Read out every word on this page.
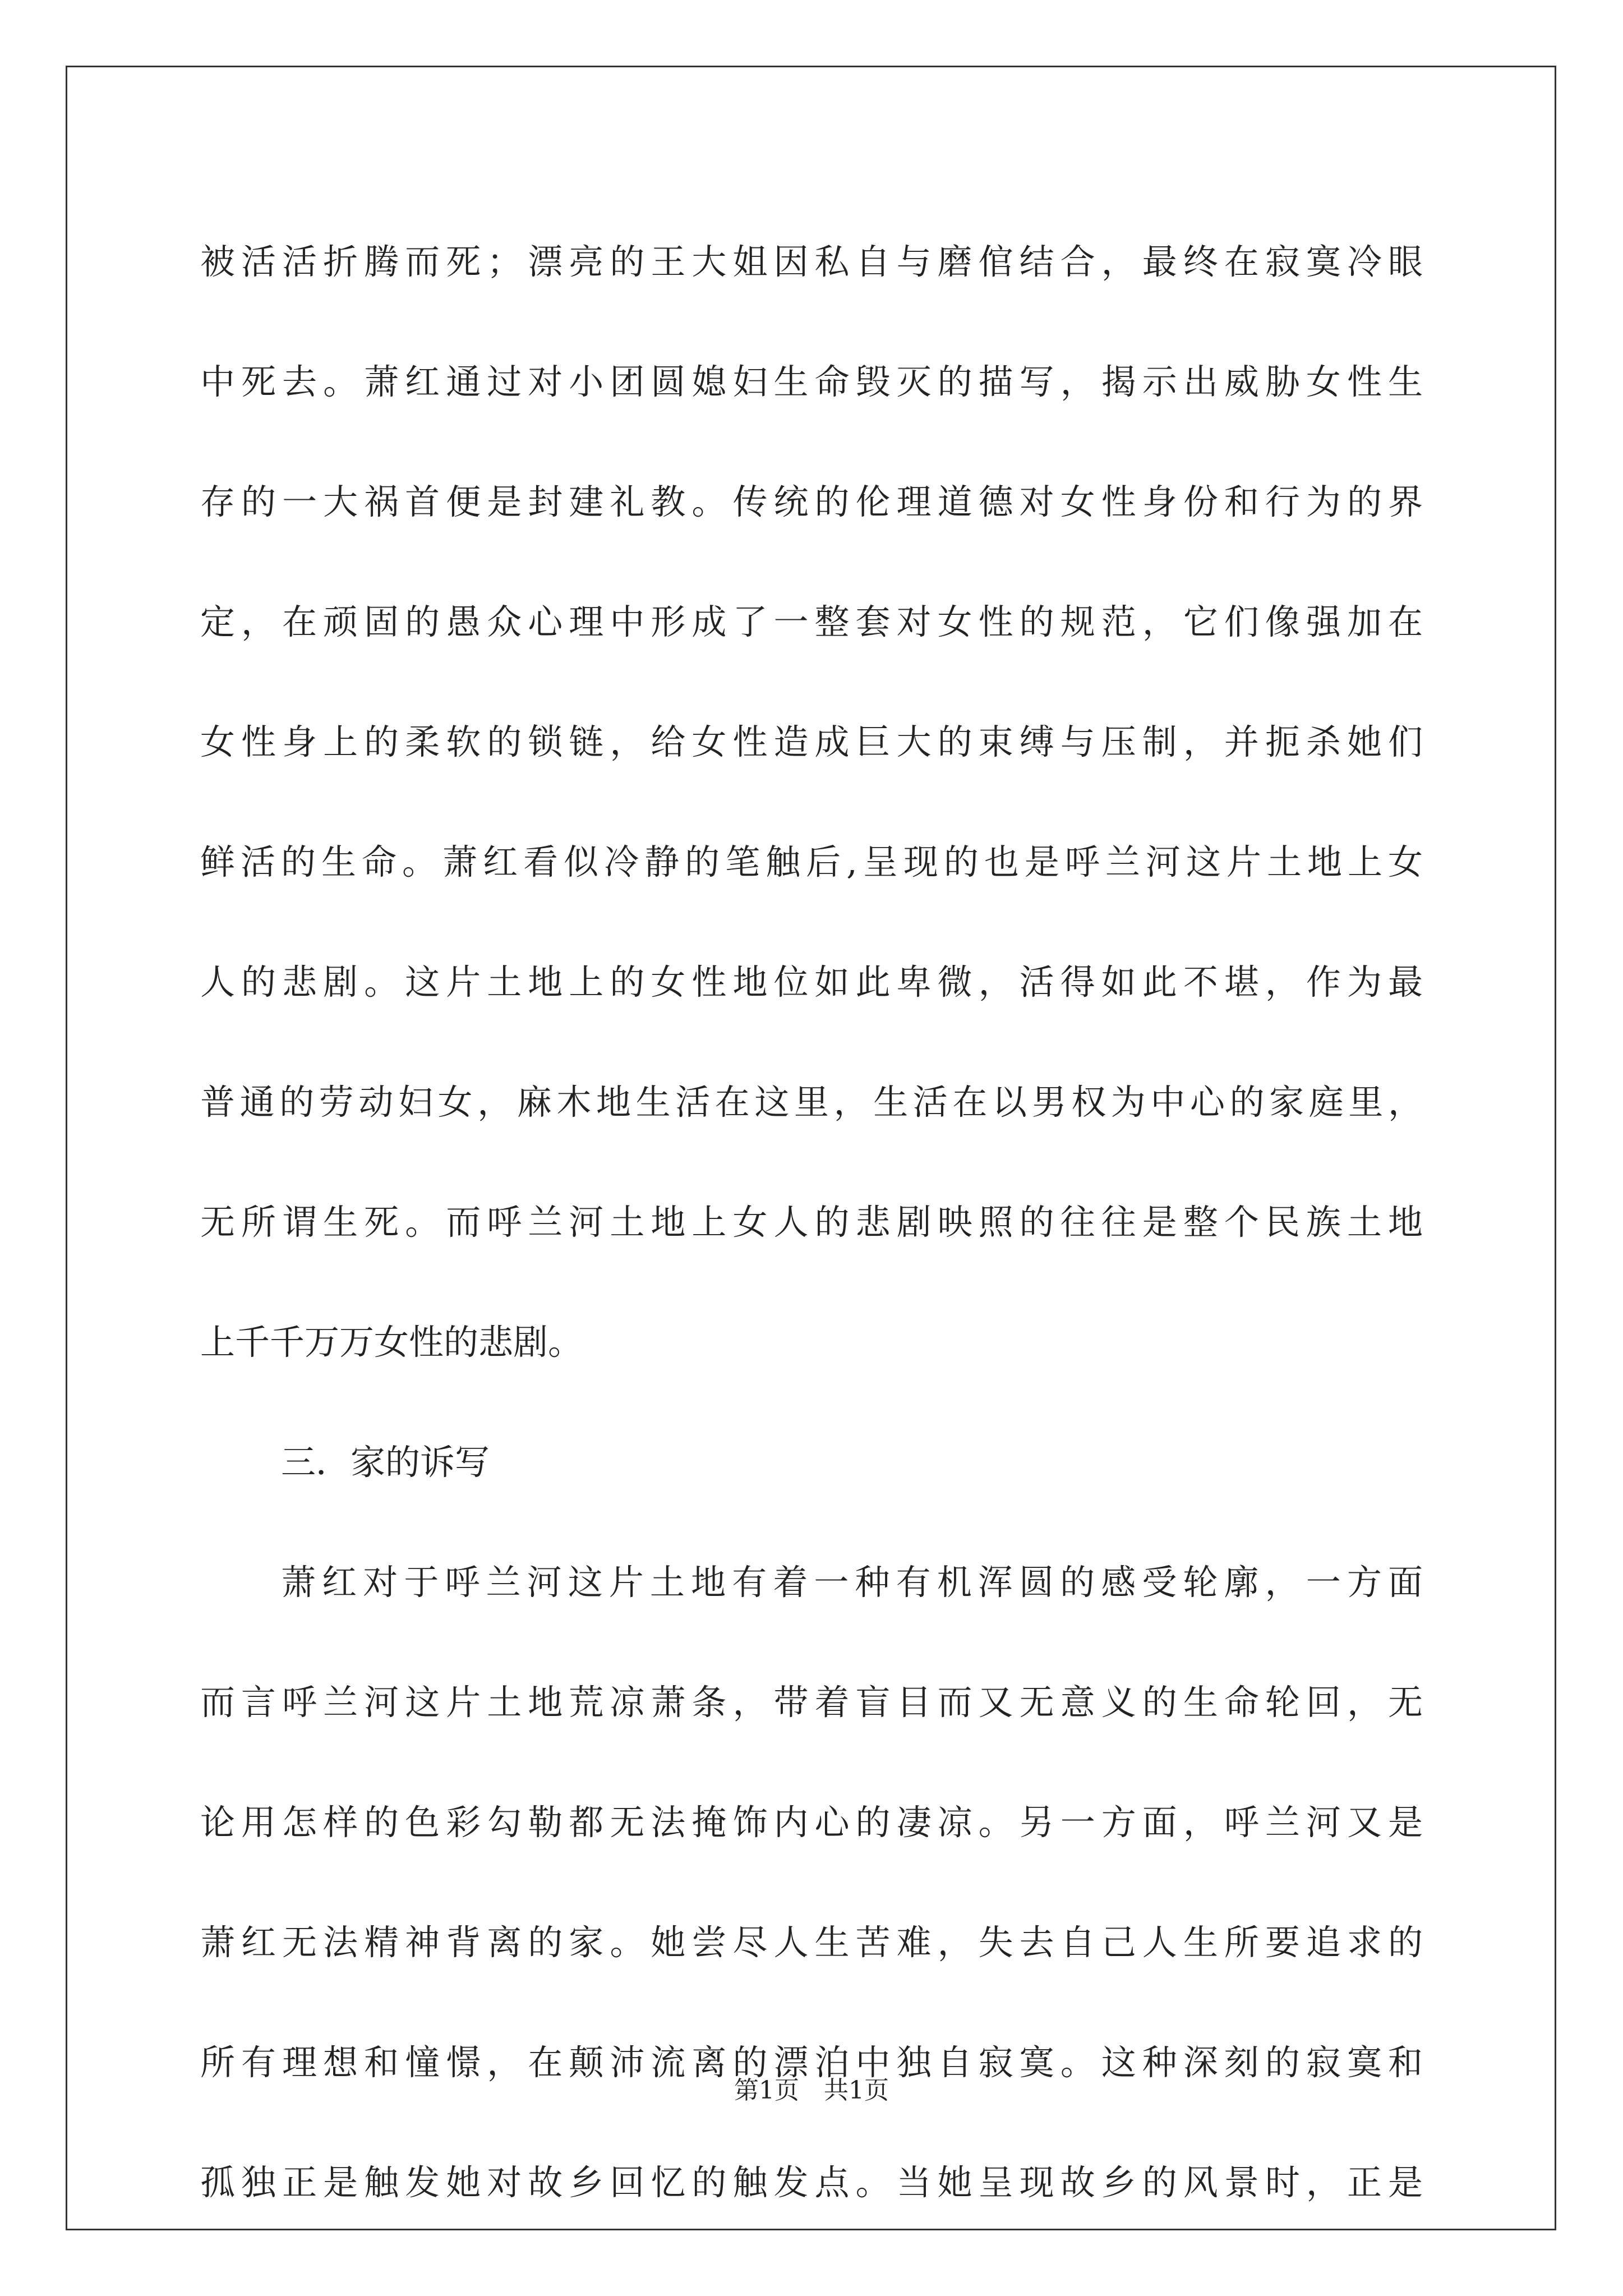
被活活折腾而死；漂亮的王大姐因私自与磨倌结合，最终在寂寞冷眼
中死去。萧红通过对小团圆媳妇生命毁灭的描写，揭示出威胁女性生
存的一大祸首便是封建礼教。传统的伦理道德对女性身份和行为的界
定，在顽固的愚众心理中形成了一整套对女性的规范，它们像强加在
女性身上的柔软的锁链，给女性造成巨大的束缚与压制，并扼杀她们
鲜活的生命。萧红看似冷静的笔触后,呈现的也是呼兰河这片土地上女
人的悲剧。这片土地上的女性地位如此卑微，活得如此不堪，作为最
普通的劳动妇女，麻木地生活在这里，生活在以男权为中心的家庭里，
无所谓生死。而呼兰河土地上女人的悲剧映照的往往是整个民族土地
上千千万万女性的悲剧。
三．家的诉写
萧红对于呼兰河这片土地有着一种有机浑圆的感受轮廓，一方面
而言呼兰河这片土地荒凉萧条，带着盲目而又无意义的生命轮回，无
论用怎样的色彩勾勒都无法掩饰内心的凄凉。另一方面，呼兰河又是
萧红无法精神背离的家。她尝尽人生苦难，失去自己人生所要追求的
所有理想和憧憬，在颠沛流离的漂泊中独自寂寞。这种深刻的寂寞和
孤独正是触发她对故乡回忆的触发点。当她呈现故乡的风景时，正是
第1页　共1页
